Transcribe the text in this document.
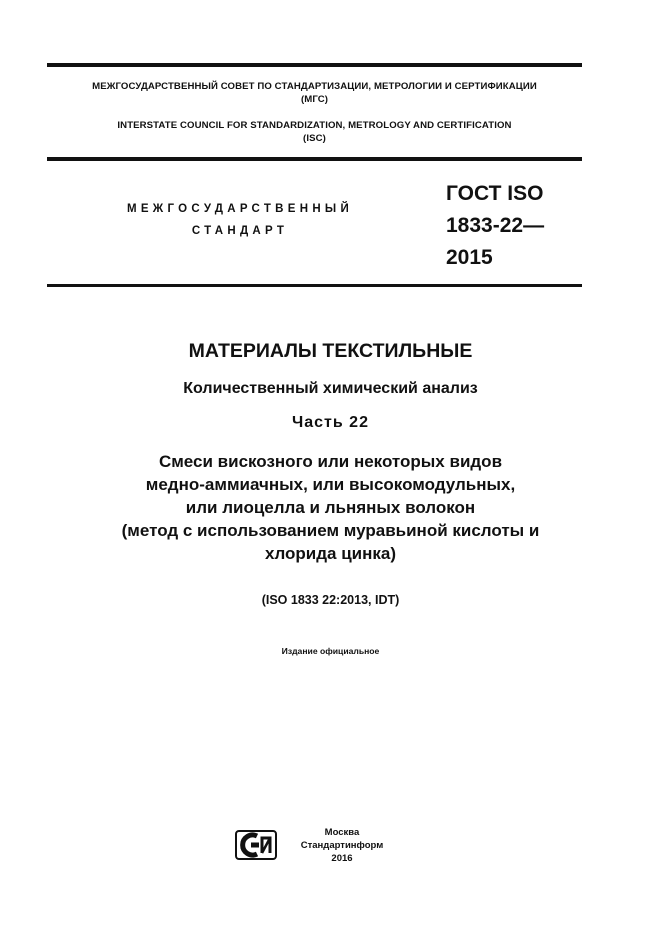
МЕЖГОСУДАРСТВЕННЫЙ СОВЕТ ПО СТАНДАРТИЗАЦИИ, МЕТРОЛОГИИ И СЕРТИФИКАЦИИ
(МГС)
INTERSTATE COUNCIL FOR STANDARDIZATION, METROLOGY AND CERTIFICATION
(ISC)
МЕЖГОСУДАРСТВЕННЫЙ
СТАНДАРТ
ГОСТ ISO
1833-22—
2015
МАТЕРИАЛЫ ТЕКСТИЛЬНЫЕ
Количественный химический анализ
Часть 22
Смеси вискозного или некоторых видов
медно-аммиачных, или высокомодульных,
или лиоцелла и льняных волокон
(метод с использованием муравьиной кислоты и
хлорида цинка)
(ISO 1833 22:2013, IDT)
Издание официальное
Москва
Стандартинформ
2016
